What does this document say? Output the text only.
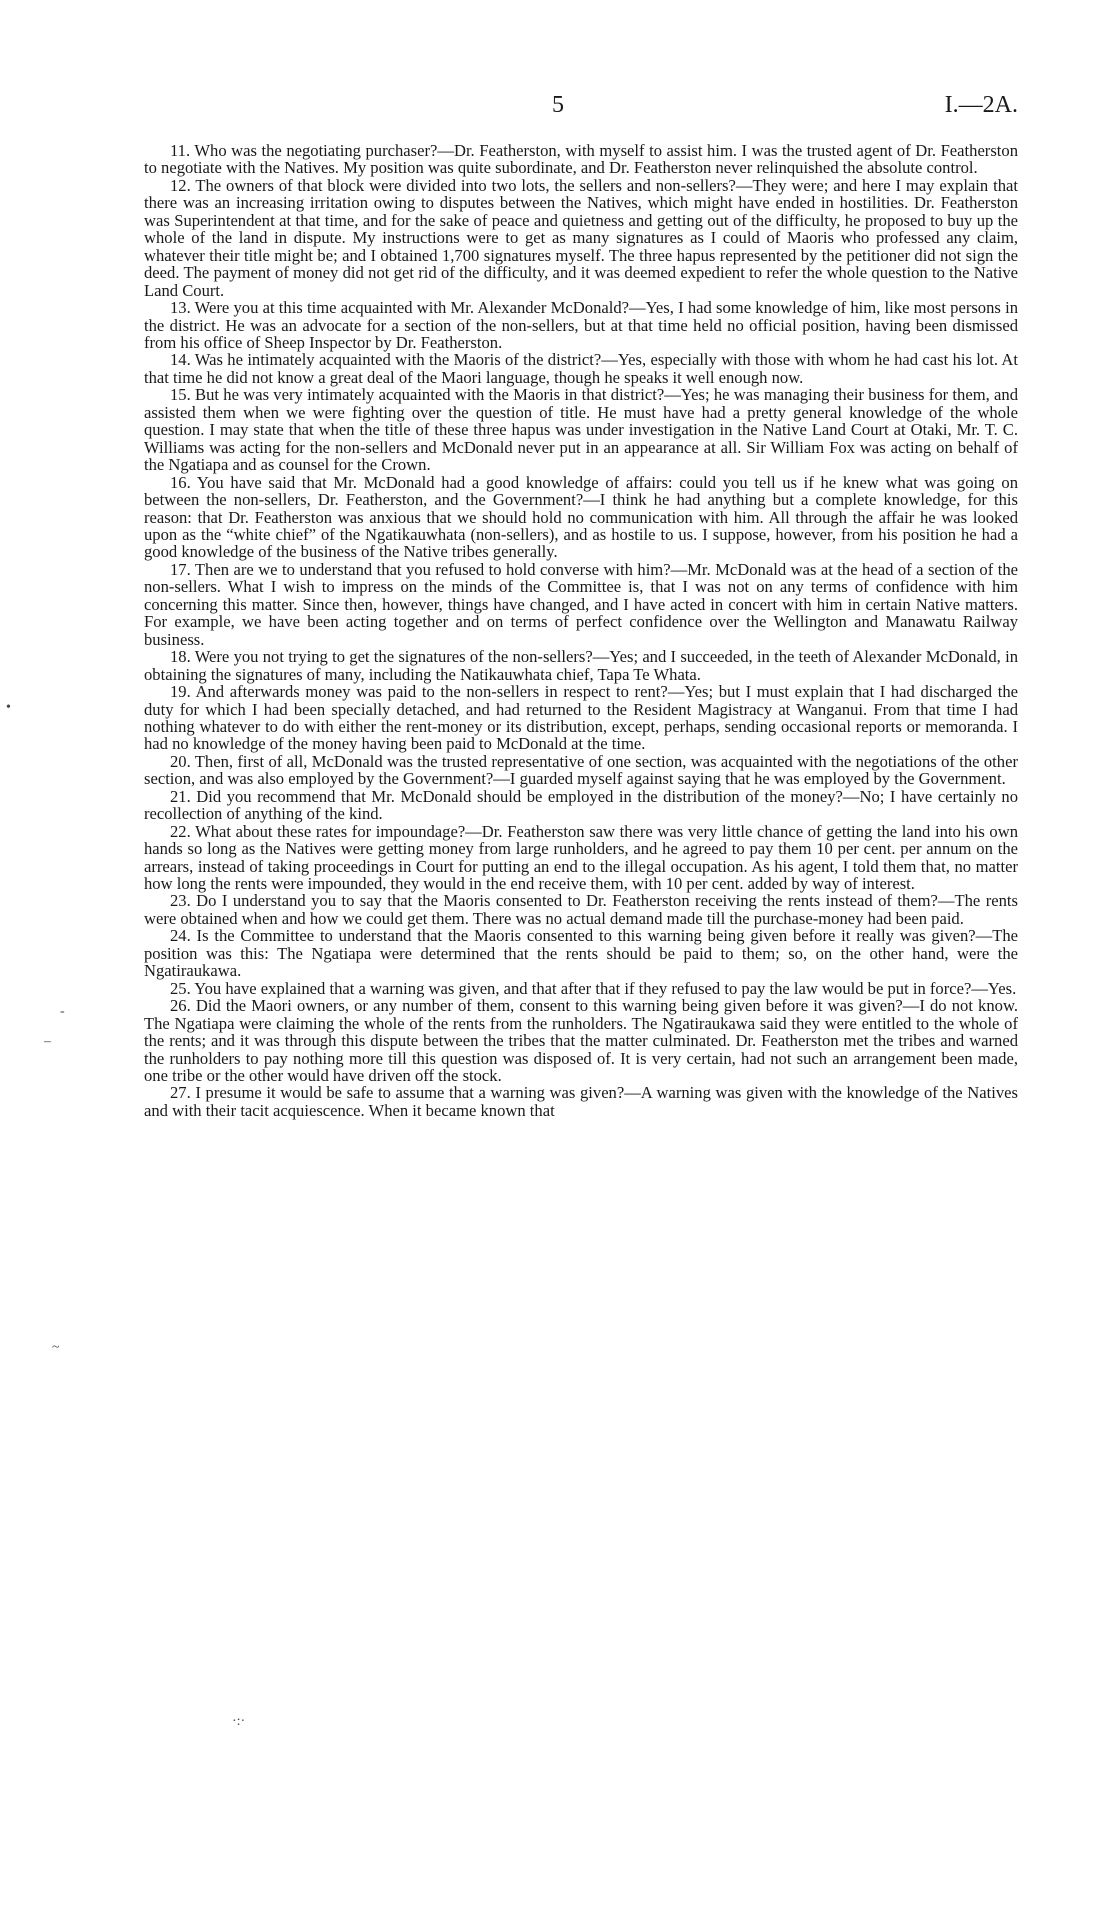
5	I.—2A.
•
-
–
~
·:·

11. Who was the negotiating purchaser?—Dr. Featherston, with myself to assist him. I was the trusted agent of Dr. Featherston to negotiate with the Natives. My position was quite subordinate, and Dr. Featherston never relinquished the absolute control.

12. The owners of that block were divided into two lots, the sellers and non-sellers?—They were; and here I may explain that there was an increasing irritation owing to disputes between the Natives, which might have ended in hostilities. Dr. Featherston was Superintendent at that time, and for the sake of peace and quietness and getting out of the difficulty, he proposed to buy up the whole of the land in dispute. My instructions were to get as many signatures as I could of Maoris who professed any claim, whatever their title might be; and I obtained 1,700 signatures myself. The three hapus represented by the petitioner did not sign the deed. The payment of money did not get rid of the difficulty, and it was deemed expedient to refer the whole question to the Native Land Court.

13. Were you at this time acquainted with Mr. Alexander McDonald?—Yes, I had some knowledge of him, like most persons in the district. He was an advocate for a section of the non-sellers, but at that time held no official position, having been dismissed from his office of Sheep Inspector by Dr. Featherston.

14. Was he intimately acquainted with the Maoris of the district?—Yes, especially with those with whom he had cast his lot. At that time he did not know a great deal of the Maori language, though he speaks it well enough now.

15. But he was very intimately acquainted with the Maoris in that district?—Yes; he was managing their business for them, and assisted them when we were fighting over the question of title. He must have had a pretty general knowledge of the whole question. I may state that when the title of these three hapus was under investigation in the Native Land Court at Otaki, Mr. T. C. Williams was acting for the non-sellers and McDonald never put in an appearance at all. Sir William Fox was acting on behalf of the Ngatiapa and as counsel for the Crown.

16. You have said that Mr. McDonald had a good knowledge of affairs: could you tell us if he knew what was going on between the non-sellers, Dr. Featherston, and the Government?—I think he had anything but a complete knowledge, for this reason: that Dr. Featherston was anxious that we should hold no communication with him. All through the affair he was looked upon as the “white chief” of the Ngatikauwhata (non-sellers), and as hostile to us. I suppose, however, from his position he had a good knowledge of the business of the Native tribes generally.

17. Then are we to understand that you refused to hold converse with him?—Mr. McDonald was at the head of a section of the non-sellers. What I wish to impress on the minds of the Committee is, that I was not on any terms of confidence with him concerning this matter. Since then, however, things have changed, and I have acted in concert with him in certain Native matters. For example, we have been acting together and on terms of perfect confidence over the Wellington and Manawatu Railway business.

18. Were you not trying to get the signatures of the non-sellers?—Yes; and I succeeded, in the teeth of Alexander McDonald, in obtaining the signatures of many, including the Natikauwhata chief, Tapa Te Whata.

19. And afterwards money was paid to the non-sellers in respect to rent?—Yes; but I must explain that I had discharged the duty for which I had been specially detached, and had returned to the Resident Magistracy at Wanganui. From that time I had nothing whatever to do with either the rent-money or its distribution, except, perhaps, sending occasional reports or memoranda. I had no knowledge of the money having been paid to McDonald at the time.

20. Then, first of all, McDonald was the trusted representative of one section, was acquainted with the negotiations of the other section, and was also employed by the Government?—I guarded myself against saying that he was employed by the Government.

21. Did you recommend that Mr. McDonald should be employed in the distribution of the money?—No; I have certainly no recollection of anything of the kind.

22. What about these rates for impoundage?—Dr. Featherston saw there was very little chance of getting the land into his own hands so long as the Natives were getting money from large runholders, and he agreed to pay them 10 per cent. per annum on the arrears, instead of taking proceedings in Court for putting an end to the illegal occupation. As his agent, I told them that, no matter how long the rents were impounded, they would in the end receive them, with 10 per cent. added by way of interest.

23. Do I understand you to say that the Maoris consented to Dr. Featherston receiving the rents instead of them?—The rents were obtained when and how we could get them. There was no actual demand made till the purchase-money had been paid.

24. Is the Committee to understand that the Maoris consented to this warning being given before it really was given?—The position was this: The Ngatiapa were determined that the rents should be paid to them; so, on the other hand, were the Ngatiraukawa.

25. You have explained that a warning was given, and that after that if they refused to pay the law would be put in force?—Yes.

26. Did the Maori owners, or any number of them, consent to this warning being given before it was given?—I do not know. The Ngatiapa were claiming the whole of the rents from the runholders. The Ngatiraukawa said they were entitled to the whole of the rents; and it was through this dispute between the tribes that the matter culminated. Dr. Featherston met the tribes and warned the runholders to pay nothing more till this question was disposed of. It is very certain, had not such an arrangement been made, one tribe or the other would have driven off the stock.

27. I presume it would be safe to assume that a warning was given?—A warning was given with the knowledge of the Natives and with their tacit acquiescence. When it became known that
